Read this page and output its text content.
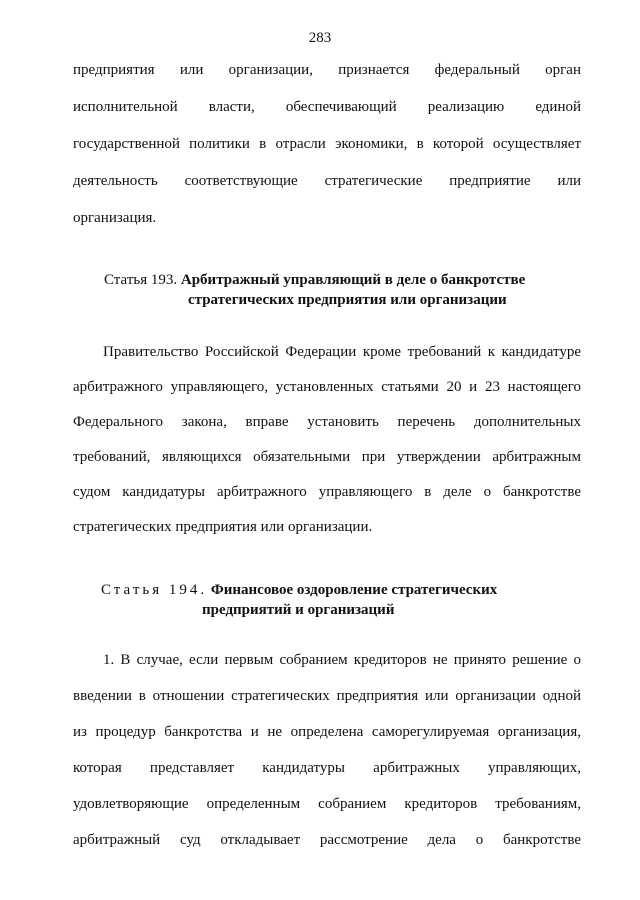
283
предприятия или организации, признается федеральный орган
исполнительной власти, обеспечивающий реализацию единой
государственной политики в отрасли экономики, в которой осуществляет
деятельность соответствующие стратегические предприятие или
организация.
Статья 193. Арбитражный управляющий в деле о банкротстве
стратегических предприятия или организации
Правительство Российской Федерации кроме требований к кандидатуре
арбитражного управляющего, установленных статьями 20 и 23 настоящего
Федерального закона, вправе установить перечень дополнительных
требований, являющихся обязательными при утверждении арбитражным
судом кандидатуры арбитражного управляющего в деле о банкротстве
стратегических предприятия или организации.
Статья 194. Финансовое оздоровление стратегических
предприятий и организаций
1. В случае, если первым собранием кредиторов не принято решение о
введении в отношении стратегических предприятия или организации одной
из процедур банкротства и не определена саморегулируемая организация,
которая представляет кандидатуры арбитражных управляющих,
удовлетворяющие определенным собранием кредиторов требованиям,
арбитражный суд откладывает рассмотрение дела о банкротстве
